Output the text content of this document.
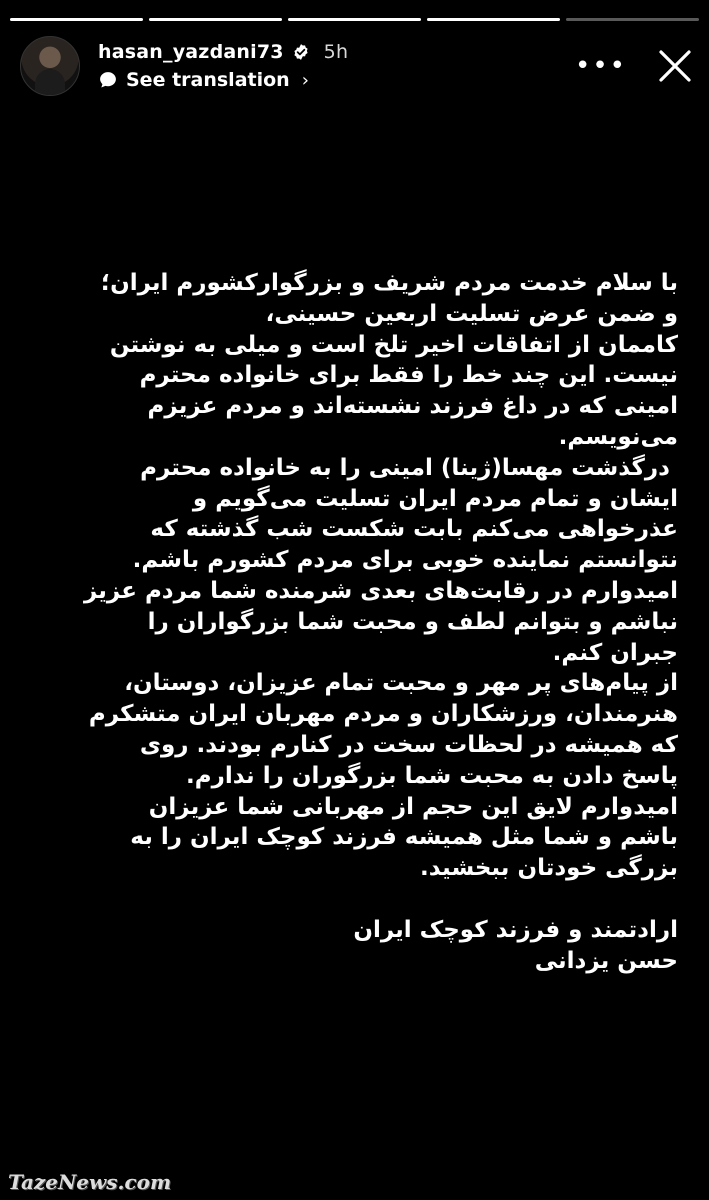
hasan_yazdani73 5h
See translation ›	•••

با سلام خدمت مردم شریف و بزرگوارکشورم ایران؛

و ضمن عرض تسلیت اربعین حسینی،

کاممان از اتفاقات اخیر تلخ است و میلی به نوشتن

نیست. این چند خط را فقط برای خانواده محترم

امینی که در داغ فرزند نشسته‌اند و مردم عزیزم

می‌نویسم.

درگذشت مهسا(ژینا) امینی را به خانواده محترم

ایشان و تمام مردم ایران تسلیت می‌گویم و

عذرخواهی می‌کنم بابت شکست شب گذشته که

نتوانستم نماینده خوبی برای مردم کشورم باشم.

امیدوارم در رقابت‌های بعدی شرمنده شما مردم عزیز

نباشم و بتوانم لطف و محبت شما بزرگواران را

جبران کنم.

از پیام‌های پر مهر و محبت تمام عزیزان، دوستان،

هنرمندان، ورزشکاران و مردم مهربان ایران متشکرم

که همیشه در لحظات سخت در کنارم بودند. روی

پاسخ دادن به محبت شما بزرگوران را ندارم.

امیدوارم لایق این حجم از مهربانی شما عزیزان

باشم و شما مثل همیشه فرزند کوچک ایران را به

بزرگی خودتان ببخشید.

ارادتمند و فرزند کوچک ایران

حسن یزدانی

TazeNews.com
